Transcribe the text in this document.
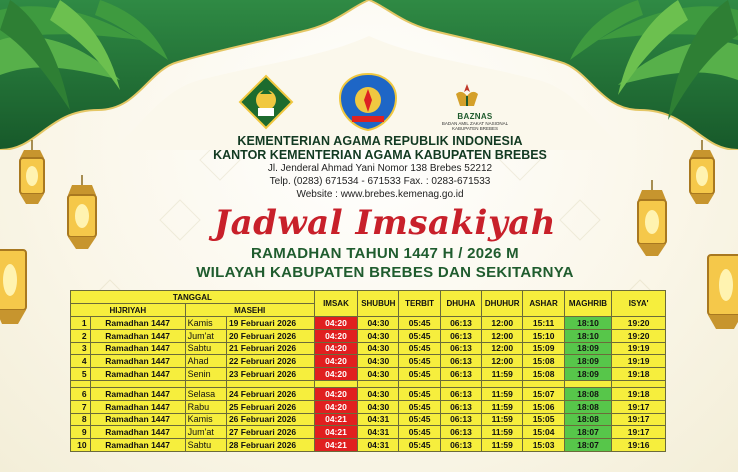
BAZNAS
BADAN AMIL ZAKAT NASIONAL
KABUPATEN BREBES
KEMENTERIAN AGAMA REPUBLIK INDONESIA
KANTOR KEMENTERIAN AGAMA KABUPATEN BREBES
Jl. Jenderal Ahmad Yani Nomor 138 Brebes 52212
Telp. (0283) 671534 - 671533 Fax. : 0283-671533
Website : www.brebes.kemenag.go.id
Jadwal Imsakiyah
RAMADHAN TAHUN 1447 H / 2026 M
WILAYAH KABUPATEN BREBES DAN SEKITARNYA
TANGGAL				IMSAK	SHUBUH	TERBIT	DHUHA	DHUHUR	ASHAR	MAGHRIB	ISYA'
HIJRIYAH		MASEHI									
1	Ramadhan 1447	Kamis	19 Februari 2026	04:20	04:30	05:45	06:13	12:00	15:11	18:10	19:20
2	Ramadhan 1447	Jum'at	20 Februari 2026	04:20	04:30	05:45	06:13	12:00	15:10	18:10	19:20
3	Ramadhan 1447	Sabtu	21 Februari 2026	04:20	04:30	05:45	06:13	12:00	15:09	18:09	19:19
4	Ramadhan 1447	Ahad	22 Februari 2026	04:20	04:30	05:45	06:13	12:00	15:08	18:09	19:19
5	Ramadhan 1447	Senin	23 Februari 2026	04:20	04:30	05:45	06:13	11:59	15:08	18:09	19:18

6	Ramadhan 1447	Selasa	24 Februari 2026	04:20	04:30	05:45	06:13	11:59	15:07	18:08	19:18
7	Ramadhan 1447	Rabu	25 Februari 2026	04:20	04:30	05:45	06:13	11:59	15:06	18:08	19:17
8	Ramadhan 1447	Kamis	26 Februari 2026	04:21	04:31	05:45	06:13	11:59	15:05	18:08	19:17
9	Ramadhan 1447	Jum'at	27 Februari 2026	04:21	04:31	05:45	06:13	11:59	15:04	18:07	19:17
10	Ramadhan 1447	Sabtu	28 Februari 2026	04:21	04:31	05:45	06:13	11:59	15:03	18:07	19:16
